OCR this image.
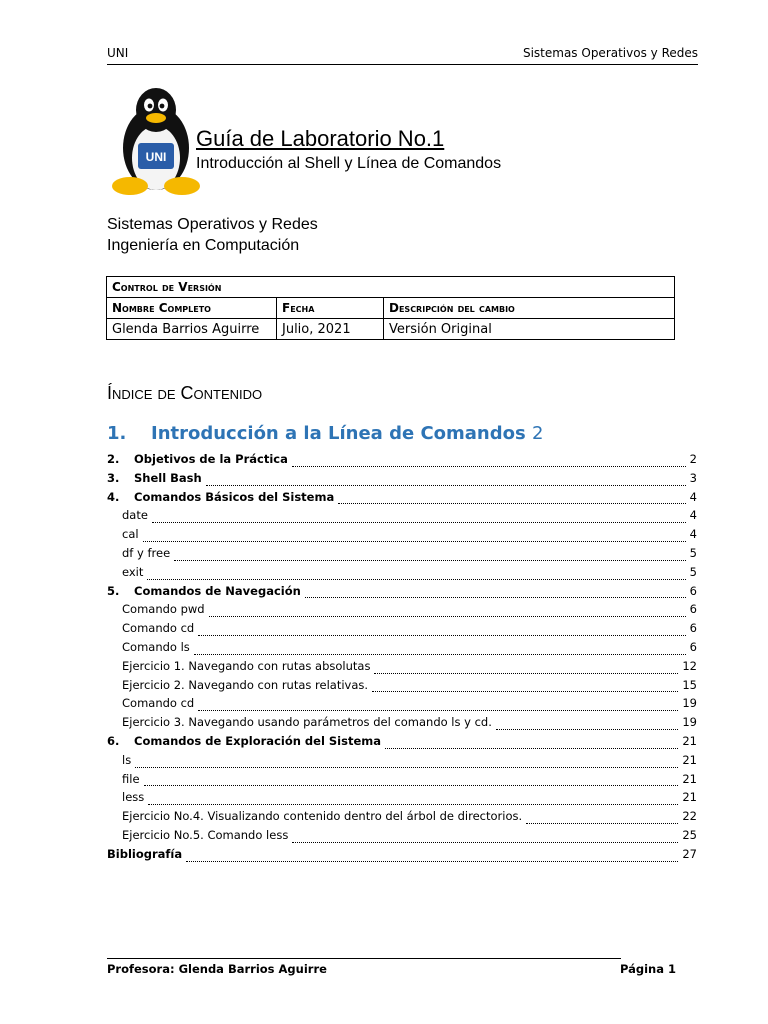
UNI	Sistemas Operativos y Redes
UNI
Guía de Laboratorio No.1
Introducción al Shell y Línea de Comandos
Sistemas Operativos y Redes
Ingeniería en Computación
Control de Versión		
Nombre Completo	Fecha	Descripción del cambio
Glenda Barrios Aguirre	Julio, 2021	Versión Original
Índice de Contenido
1. Introducción a la Línea de Comandos 2
2. Objetivos de la Práctica	2
3. Shell Bash	3
4. Comandos Básicos del Sistema	4
date	4
cal	4
df y free	5
exit	5
5. Comandos de Navegación	6
Comando pwd	6
Comando cd	6
Comando ls	6
Ejercicio 1. Navegando con rutas absolutas	12
Ejercicio 2. Navegando con rutas relativas.	15
Comando cd	19
Ejercicio 3. Navegando usando parámetros del comando ls y cd.	19
6. Comandos de Exploración del Sistema	21
ls	21
file	21
less	21
Ejercicio No.4. Visualizando contenido dentro del árbol de directorios.	22
Ejercicio No.5. Comando less	25
Bibliografía	27
Profesora: Glenda Barrios Aguirre	Página 1
